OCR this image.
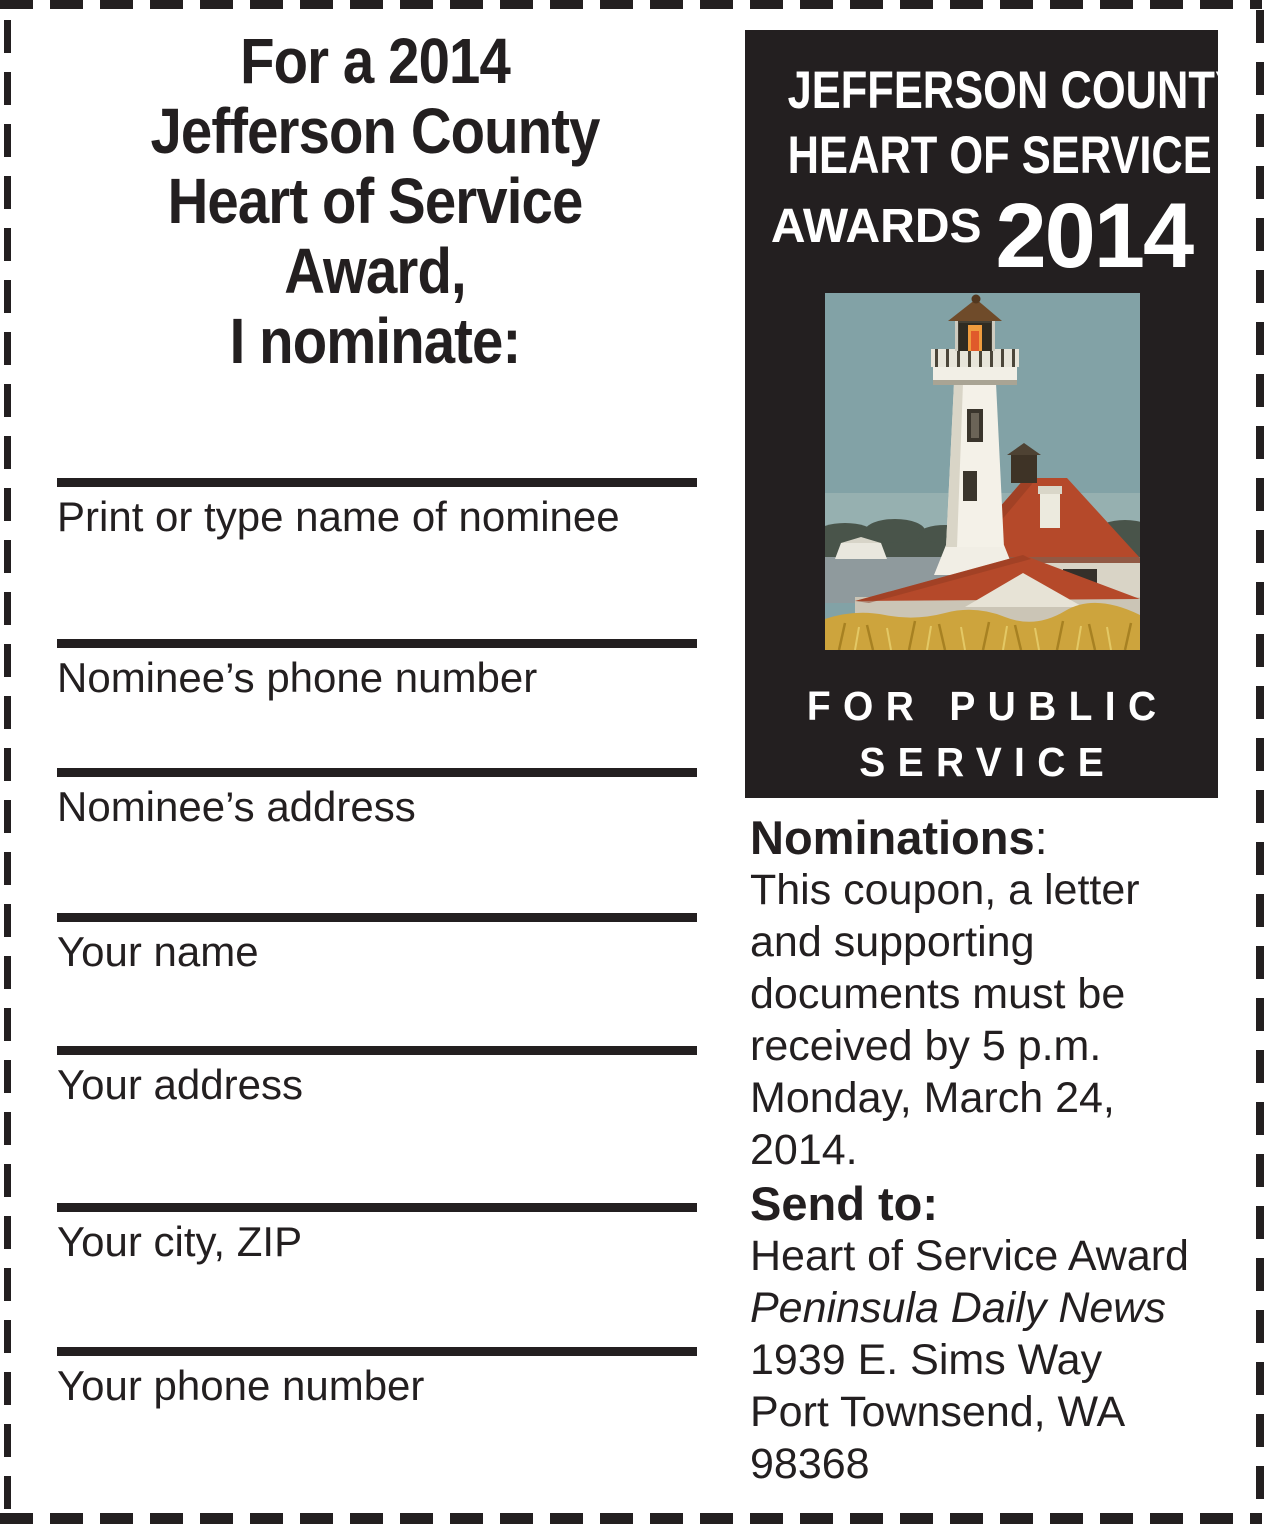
For a 2014
Jefferson County
Heart of Service
Award,
I nominate:
Print or type name of nominee
Nominee’s phone number
Nominee’s address
Your name
Your address
Your city, ZIP
Your phone number
JEFFERSON COUNTY
HEART OF SERVICE
AWARDS 2014
FOR PUBLIC
SERVICE
Nominations:
This coupon, a letter
and supporting
documents must be
received by 5 p.m.
Monday, March 24,
2014.
Send to:
Heart of Service Award
Peninsula Daily News
1939 E. Sims Way
Port Townsend, WA
98368
